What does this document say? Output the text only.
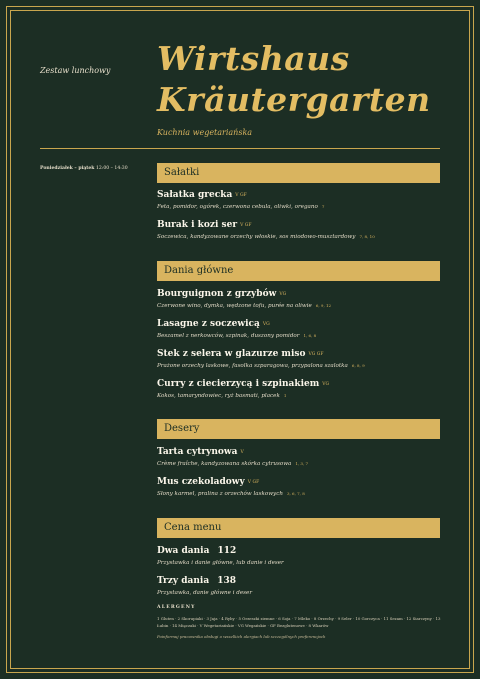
Zestaw lunchowy Wirtshaus
Kräutergarten
Kuchnia wegetariańska
Poniedziałek – piątek 12:00 – 14:30	Sałatki
Sałatka grecka V GF
Feta, pomidor, ogórek, czerwona cebula, oliwki, oregano 7
Burak i kozi ser V GF
Soczewica, kandyzowane orzechy włoskie, sos miodowo-musztardowy 7, 8, 10
Dania główne
Bourguignon z grzybów VG
Czerwone wino, dymka, wędzone tofu, purée na oliwie 6, 9, 12
Lasagne z soczewicą VG
Beszamel z nerkowców, szpinak, duszony pomidor 1, 6, 8
Stek z selera w glazurze miso VG GF
Prażone orzechy laskowe, fasolka szparagowa, przypalona szalotka 6, 8, 9
Curry z ciecierzycą i szpinakiem VG
Kokos, tamaryndowiec, ryż basmati, placek 1
Desery
Tarta cytrynowa V
Crème fraîche, kandyzowana skórka cytrusowa 1, 3, 7
Mus czekoladowy V GF
Słony karmel, pralina z orzechów laskowych 3, 6, 7, 8
Cena menu
Dwa dania 112
Przystawka i danie główne, lub danie i deser
Trzy dania 138
Przystawka, danie główne i deser
ALERGENY
1 Gluten · 2 Skorupiaki · 3 Jaja · 4 Ryby · 5 Orzeszki ziemne · 6 Soja · 7 Mleko · 8 Orzechy · 9 Seler · 10 Gorczyca · 11 Sezam · 12 Siarczyny · 13 Łubin · 14 Mięczaki · V Wegetariańskie · VG Wegańskie · GF Bezglutenowe · 8 Wkarów
Poinformuj pracownika obsługi o wszelkich alergiach lub szczególnych preferencjach
